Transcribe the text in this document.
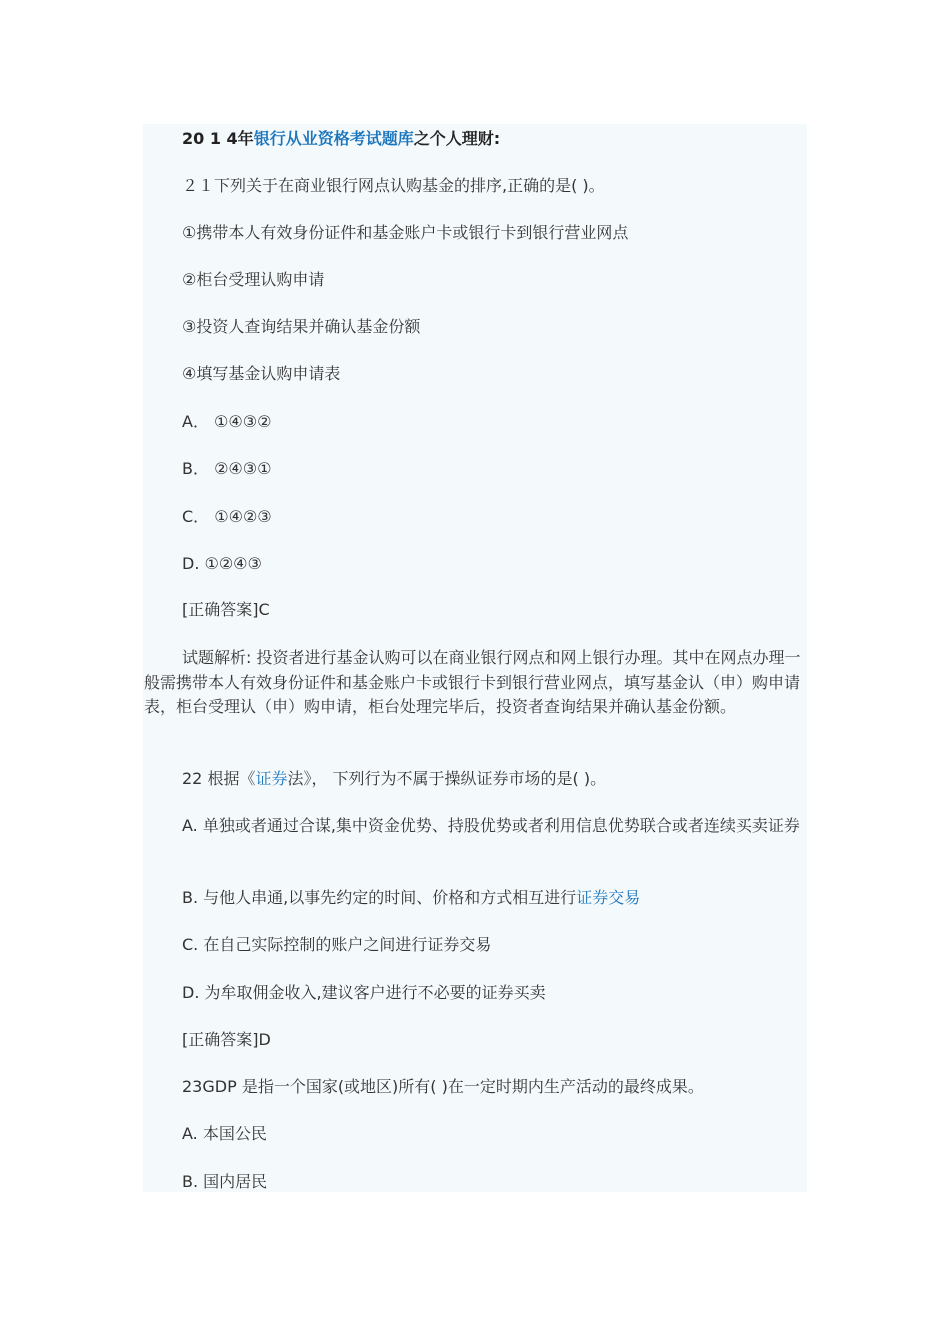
20 1 4年银行从业资格考试题库之个人理财:

２１下列关于在商业银行网点认购基金的排序,正确的是( )。

①携带本人有效身份证件和基金账户卡或银行卡到银行营业网点

②柜台受理认购申请

③投资人查询结果并确认基金份额

④填写基金认购申请表

A． ①④③②

B． ②④③①

C． ①④②③

D. ①②④③

[正确答案]C

试题解析: 投资者进行基金认购可以在商业银行网点和网上银行办理。其中在网点办理一般需携带本人有效身份证件和基金账户卡或银行卡到银行营业网点，填写基金认（申）购申请表，柜台受理认（申）购申请，柜台处理完毕后，投资者查询结果并确认基金份额。

22 根据《证券法》， 下列行为不属于操纵证券市场的是( )。

A. 单独或者通过合谋,集中资金优势、持股优势或者利用信息优势联合或者连续买卖证券

B. 与他人串通,以事先约定的时间、价格和方式相互进行证券交易

C. 在自己实际控制的账户之间进行证券交易

D. 为牟取佣金收入,建议客户进行不必要的证券买卖

[正确答案]D

23GDP 是指一个国家(或地区)所有( )在一定时期内生产活动的最终成果。

A. 本国公民

B. 国内居民
